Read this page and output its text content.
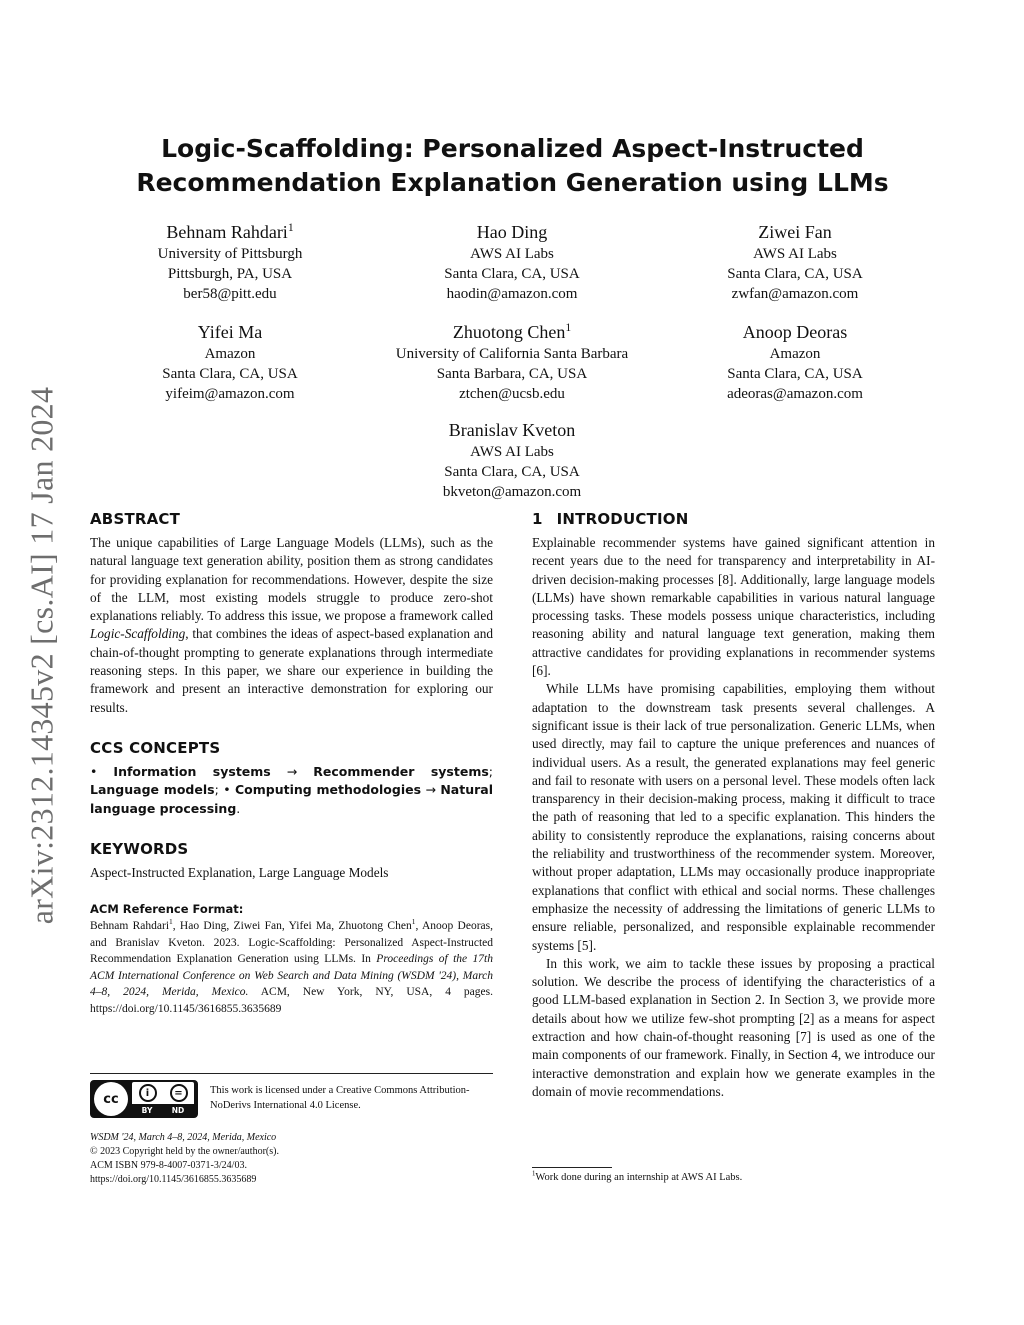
arXiv:2312.14345v2 [cs.AI] 17 Jan 2024
Logic-Scaffolding: Personalized Aspect-Instructed
Recommendation Explanation Generation using LLMs
Behnam Rahdari$^1$
University of Pittsburgh
Pittsburgh, PA, USA
ber58@pitt.edu
Hao Ding
AWS AI Labs
Santa Clara, CA, USA
haodin@amazon.com
Ziwei Fan
AWS AI Labs
Santa Clara, CA, USA
zwfan@amazon.com
Yifei Ma
Amazon
Santa Clara, CA, USA
yifeim@amazon.com
Zhuotong Chen$^1$
University of California Santa Barbara
Santa Barbara, CA, USA
ztchen@ucsb.edu
Anoop Deoras
Amazon
Santa Clara, CA, USA
adeoras@amazon.com
Branislav Kveton
AWS AI Labs
Santa Clara, CA, USA
bkveton@amazon.com
ABSTRACT

The unique capabilities of Large Language Models (LLMs), such as the natural language text generation ability, position them as strong candidates for providing explanation for recommendations. However, despite the size of the LLM, most existing models struggle to produce zero-shot explanations reliably. To address this issue, we propose a framework called Logic-Scaffolding, that combines the ideas of aspect-based explanation and chain-of-thought prompting to generate explanations through intermediate reasoning steps. In this paper, we share our experience in building the framework and present an interactive demonstration for exploring our results.

CCS CONCEPTS

• Information systems → Recommender systems; Language models; • Computing methodologies → Natural language processing.

KEYWORDS

Aspect-Instructed Explanation, Large Language Models

ACM Reference Format:

Behnam Rahdari$^1$, Hao Ding, Ziwei Fan, Yifei Ma, Zhuotong Chen$^1$, Anoop Deoras, and Branislav Kveton. 2023. Logic-Scaffolding: Personalized Aspect-Instructed Recommendation Explanation Generation using LLMs. In Proceedings of the 17th ACM International Conference on Web Search and Data Mining (WSDM '24), March 4–8, 2024, Merida, Mexico. ACM, New York, NY, USA, 4 pages. https://doi.org/10.1145/3616855.3635689

cc	i	=
BY	ND
This work is licensed under a Creative Commons Attribution-NoDerivs International 4.0 License.
WSDM '24, March 4–8, 2024, Merida, Mexico
© 2023 Copyright held by the owner/author(s).
ACM ISBN 979-8-4007-0371-3/24/03.
https://doi.org/10.1145/3616855.3635689
1 INTRODUCTION

Explainable recommender systems have gained significant attention in recent years due to the need for transparency and interpretability in AI-driven decision-making processes [8]. Additionally, large language models (LLMs) have shown remarkable capabilities in various natural language processing tasks. These models possess unique characteristics, including reasoning ability and natural language text generation, making them attractive candidates for providing explanations in recommender systems [6].

While LLMs have promising capabilities, employing them without adaptation to the downstream task presents several challenges. A significant issue is their lack of true personalization. Generic LLMs, when used directly, may fail to capture the unique preferences and nuances of individual users. As a result, the generated explanations may feel generic and fail to resonate with users on a personal level. These models often lack transparency in their decision-making process, making it difficult to trace the path of reasoning that led to a specific explanation. This hinders the ability to consistently reproduce the explanations, raising concerns about the reliability and trustworthiness of the recommender system. Moreover, without proper adaptation, LLMs may occasionally produce inappropriate explanations that conflict with ethical and social norms. These challenges emphasize the necessity of addressing the limitations of generic LLMs to ensure reliable, personalized, and responsible explainable recommender systems [5].

In this work, we aim to tackle these issues by proposing a practical solution. We describe the process of identifying the characteristics of a good LLM-based explanation in Section 2. In Section 3, we provide more details about how we utilize few-shot prompting [2] as a means for aspect extraction and how chain-of-thought reasoning [7] is used as one of the main components of our framework. Finally, in Section 4, we introduce our interactive demonstration and explain how we generate examples in the domain of movie recommendations.

$^1$Work done during an internship at AWS AI Labs.
